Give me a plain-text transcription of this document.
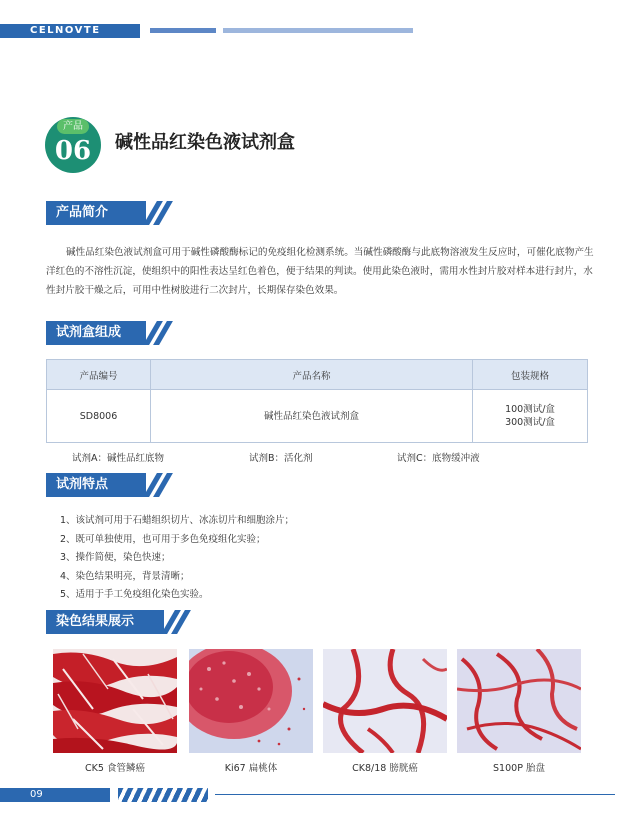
CELNOVTE
产品
06	碱性品红染色液试剂盒
产品简介
碱性品红染色液试剂盒可用于碱性磷酸酶标记的免疫组化检测系统。当碱性磷酸酶与此底物溶液发生反应时，可催化底物产生洋红色的不溶性沉淀，使组织中的阳性表达呈红色着色，便于结果的判读。使用此染色液时，需用水性封片胶对样本进行封片，水性封片胶干燥之后，可用中性树胶进行二次封片，长期保存染色效果。
试剂盒组成
产品编号	产品名称	包装规格
SD8006	碱性品红染色液试剂盒	100测试/盒
300测试/盒
试剂A：碱性品红底物	试剂B：活化剂	试剂C：底物缓冲液
试剂特点
1、该试剂可用于石蜡组织切片、冰冻切片和细胞涂片；
2、既可单独使用，也可用于多色免疫组化实验；
3、操作简便，染色快速；
4、染色结果明亮，背景清晰；
5、适用于手工免疫组化染色实验。
染色结果展示
CK5 食管鳞癌	Ki67 扁桃体	CK8/18 膀胱癌	S100P 胎盘
09
